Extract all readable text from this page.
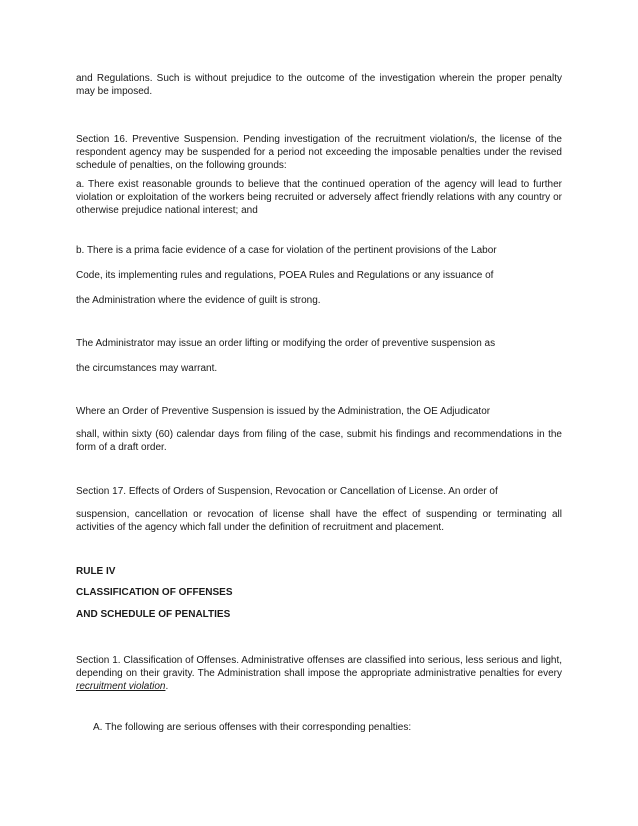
and Regulations. Such is without prejudice to the outcome of the investigation wherein the proper penalty may be imposed.

Section 16. Preventive Suspension. Pending investigation of the recruitment violation/s, the license of the respondent agency may be suspended for a period not exceeding the imposable penalties under the revised schedule of penalties, on the following grounds:

a. There exist reasonable grounds to believe that the continued operation of the agency will lead to further violation or exploitation of the workers being recruited or adversely affect friendly relations with any country or otherwise prejudice national interest; and

b. There is a prima facie evidence of a case for violation of the pertinent provisions of the Labor

Code, its implementing rules and regulations, POEA Rules and Regulations or any issuance of

the Administration where the evidence of guilt is strong.

The Administrator may issue an order lifting or modifying the order of preventive suspension as

the circumstances may warrant.

Where an Order of Preventive Suspension is issued by the Administration, the OE Adjudicator

shall, within sixty (60) calendar days from filing of the case, submit his findings and recommendations in the form of a draft order.

Section 17. Effects of Orders of Suspension, Revocation or Cancellation of License. An order of

suspension, cancellation or revocation of license shall have the effect of suspending or terminating all activities of the agency which fall under the definition of recruitment and placement.

RULE IV

CLASSIFICATION OF OFFENSES

AND SCHEDULE OF PENALTIES

Section 1. Classification of Offenses. Administrative offenses are classified into serious, less serious and light, depending on their gravity. The Administration shall impose the appropriate administrative penalties for every recruitment violation.

A. The following are serious offenses with their corresponding penalties:
